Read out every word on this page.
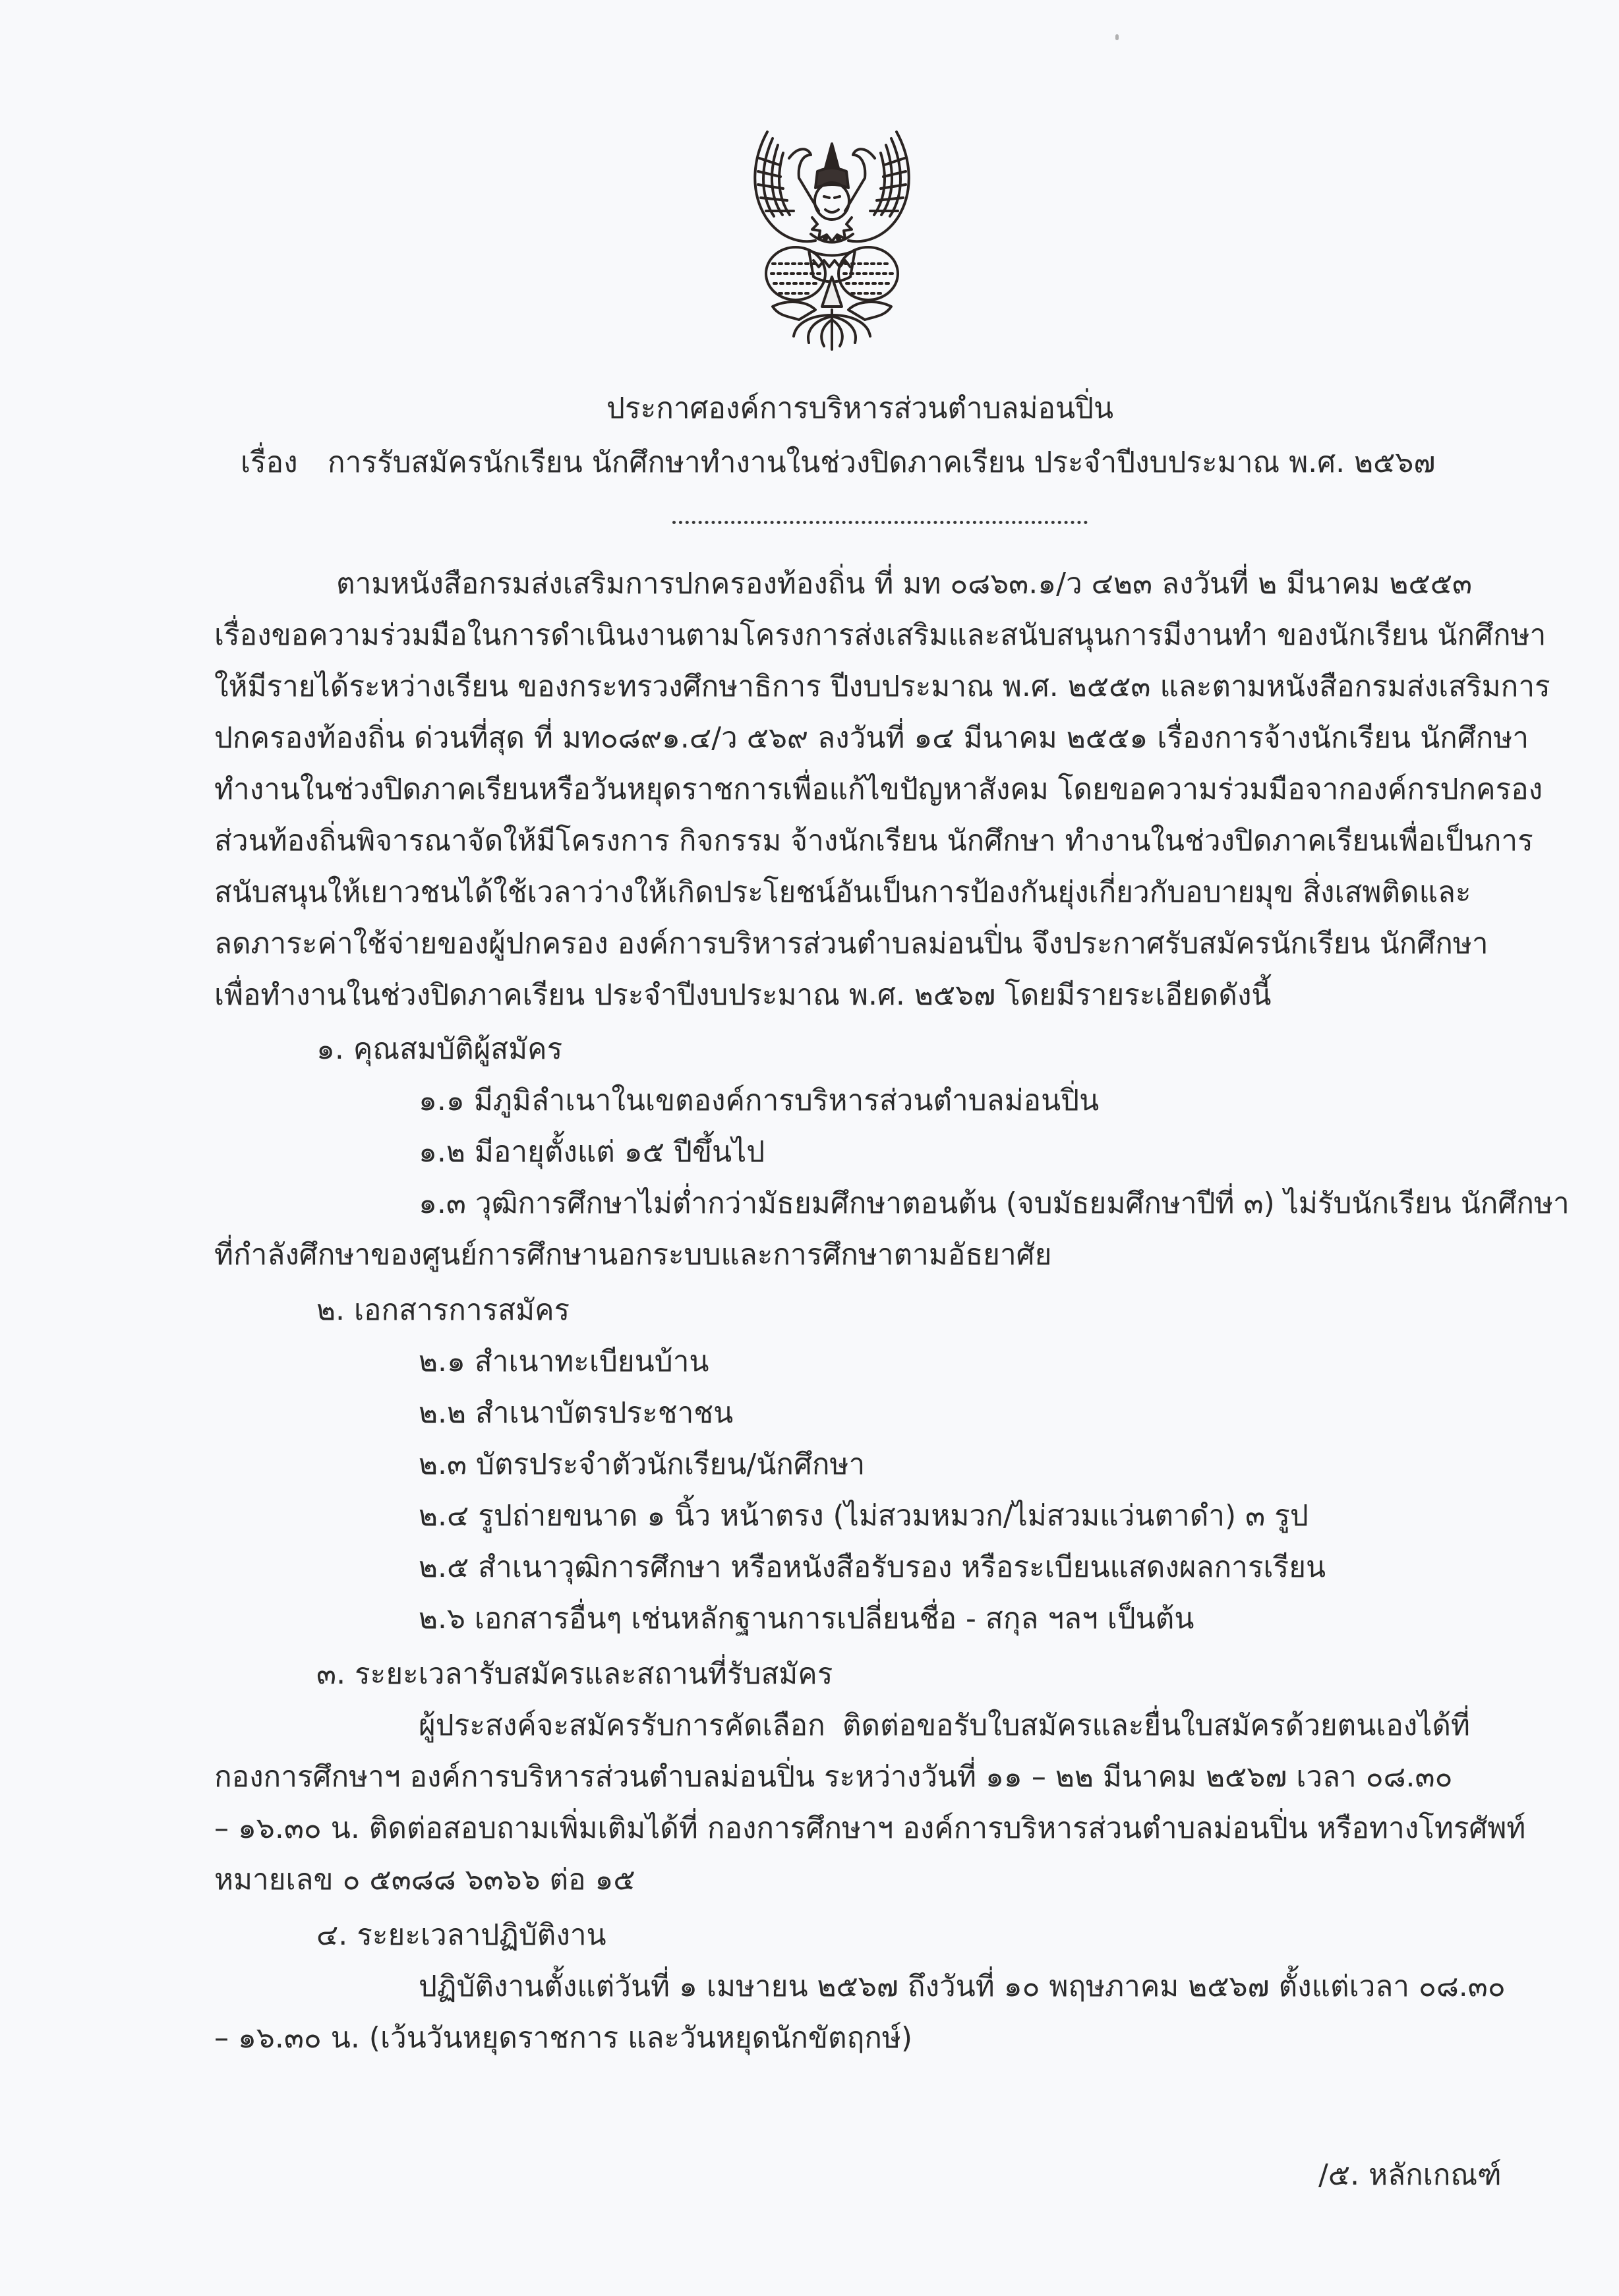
ประกาศองค์การบริหารส่วนตำบลม่อนปิ่น
เรื่อง การรับสมัครนักเรียน นักศึกษาทำงานในช่วงปิดภาคเรียน ประจำปีงบประมาณ พ.ศ. ๒๕๖๗
ตามหนังสือกรมส่งเสริมการปกครองท้องถิ่น ที่ มท ๐๘๖๓.๑/ว ๔๒๓ ลงวันที่ ๒ มีนาคม ๒๕๕๓
เรื่องขอความร่วมมือในการดำเนินงานตามโครงการส่งเสริมและสนับสนุนการมีงานทำ ของนักเรียน นักศึกษา
ให้มีรายได้ระหว่างเรียน ของกระทรวงศึกษาธิการ ปีงบประมาณ พ.ศ. ๒๕๕๓ และตามหนังสือกรมส่งเสริมการ
ปกครองท้องถิ่น ด่วนที่สุด ที่ มท๐๘๙๑.๔/ว ๕๖๙ ลงวันที่ ๑๔ มีนาคม ๒๕๕๑ เรื่องการจ้างนักเรียน นักศึกษา
ทำงานในช่วงปิดภาคเรียนหรือวันหยุดราชการเพื่อแก้ไขปัญหาสังคม โดยขอความร่วมมือจากองค์กรปกครอง
ส่วนท้องถิ่นพิจารณาจัดให้มีโครงการ กิจกรรม จ้างนักเรียน นักศึกษา ทำงานในช่วงปิดภาคเรียนเพื่อเป็นการ
สนับสนุนให้เยาวชนได้ใช้เวลาว่างให้เกิดประโยชน์อันเป็นการป้องกันยุ่งเกี่ยวกับอบายมุข สิ่งเสพติดและ
ลดภาระค่าใช้จ่ายของผู้ปกครอง องค์การบริหารส่วนตำบลม่อนปิ่น จึงประกาศรับสมัครนักเรียน นักศึกษา
เพื่อทำงานในช่วงปิดภาคเรียน ประจำปีงบประมาณ พ.ศ. ๒๕๖๗ โดยมีรายระเอียดดังนี้
๑. คุณสมบัติผู้สมัคร
๑.๑ มีภูมิลำเนาในเขตองค์การบริหารส่วนตำบลม่อนปิ่น
๑.๒ มีอายุตั้งแต่ ๑๕ ปีขึ้นไป
๑.๓ วุฒิการศึกษาไม่ต่ำกว่ามัธยมศึกษาตอนต้น (จบมัธยมศึกษาปีที่ ๓) ไม่รับนักเรียน นักศึกษา
ที่กำลังศึกษาของศูนย์การศึกษานอกระบบและการศึกษาตามอัธยาศัย
๒. เอกสารการสมัคร
๒.๑ สำเนาทะเบียนบ้าน
๒.๒ สำเนาบัตรประชาชน
๒.๓ บัตรประจำตัวนักเรียน/นักศึกษา
๒.๔ รูปถ่ายขนาด ๑ นิ้ว หน้าตรง (ไม่สวมหมวก/ไม่สวมแว่นตาดำ) ๓ รูป
๒.๕ สำเนาวุฒิการศึกษา หรือหนังสือรับรอง หรือระเบียนแสดงผลการเรียน
๒.๖ เอกสารอื่นๆ เช่นหลักฐานการเปลี่ยนชื่อ - สกุล ฯลฯ เป็นต้น
๓. ระยะเวลารับสมัครและสถานที่รับสมัคร
ผู้ประสงค์จะสมัครรับการคัดเลือก ติดต่อขอรับใบสมัครและยื่นใบสมัครด้วยตนเองได้ที่
กองการศึกษาฯ องค์การบริหารส่วนตำบลม่อนปิ่น ระหว่างวันที่ ๑๑ – ๒๒ มีนาคม ๒๕๖๗ เวลา ๐๘.๓๐
– ๑๖.๓๐ น. ติดต่อสอบถามเพิ่มเติมได้ที่ กองการศึกษาฯ องค์การบริหารส่วนตำบลม่อนปิ่น หรือทางโทรศัพท์
หมายเลข ๐ ๕๓๘๘ ๖๓๖๖ ต่อ ๑๕
๔. ระยะเวลาปฏิบัติงาน
ปฏิบัติงานตั้งแต่วันที่ ๑ เมษายน ๒๕๖๗ ถึงวันที่ ๑๐ พฤษภาคม ๒๕๖๗ ตั้งแต่เวลา ๐๘.๓๐
– ๑๖.๓๐ น. (เว้นวันหยุดราชการ และวันหยุดนักขัตฤกษ์)
/๕. หลักเกณฑ์
